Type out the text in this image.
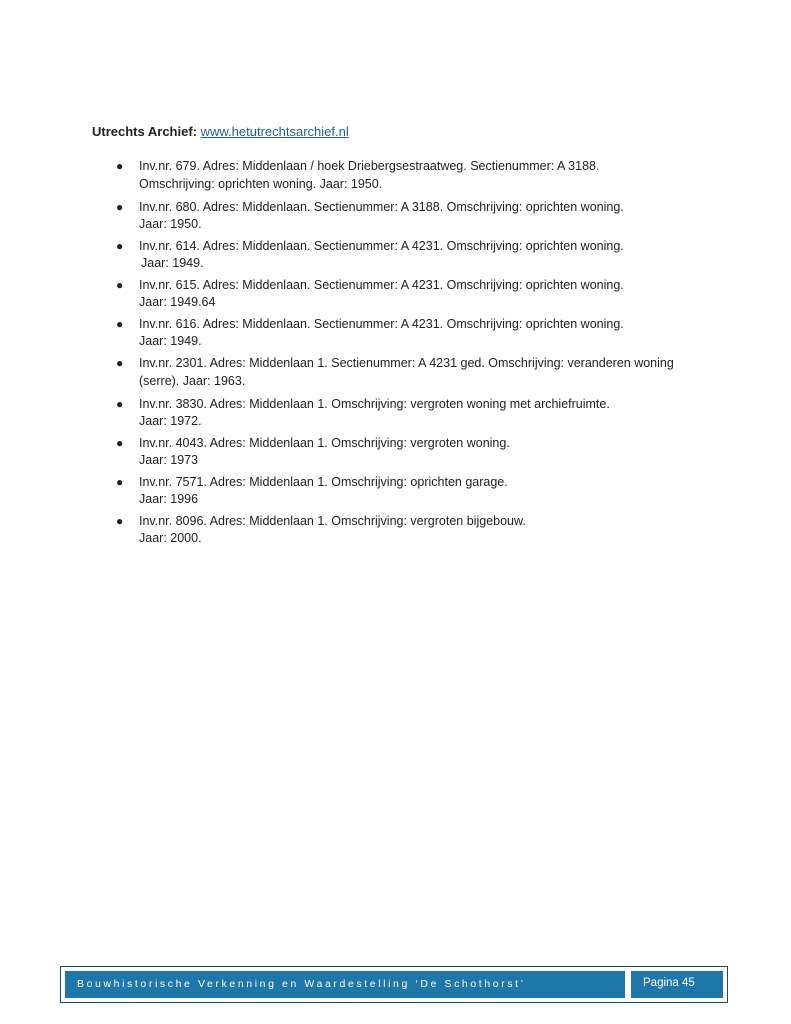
Utrechts Archief: www.hetutrechtsarchief.nl
● Inv.nr. 679. Adres: Middenlaan / hoek Driebergsestraatweg. Sectienummer: A 3188.
Omschrijving: oprichten woning. Jaar: 1950.
● Inv.nr. 680. Adres: Middenlaan. Sectienummer: A 3188. Omschrijving: oprichten woning.
Jaar: 1950.
● Inv.nr. 614. Adres: Middenlaan. Sectienummer: A 4231. Omschrijving: oprichten woning.
Jaar: 1949.
● Inv.nr. 615. Adres: Middenlaan. Sectienummer: A 4231. Omschrijving: oprichten woning.
Jaar: 1949.64
● Inv.nr. 616. Adres: Middenlaan. Sectienummer: A 4231. Omschrijving: oprichten woning.
Jaar: 1949.
● Inv.nr. 2301. Adres: Middenlaan 1. Sectienummer: A 4231 ged. Omschrijving: veranderen woning
(serre). Jaar: 1963.
● Inv.nr. 3830. Adres: Middenlaan 1. Omschrijving: vergroten woning met archiefruimte.
Jaar: 1972.
● Inv.nr. 4043. Adres: Middenlaan 1. Omschrijving: vergroten woning.
Jaar: 1973
● Inv.nr. 7571. Adres: Middenlaan 1. Omschrijving: oprichten garage.
Jaar: 1996
● Inv.nr. 8096. Adres: Middenlaan 1. Omschrijving: vergroten bijgebouw.
Jaar: 2000.
Bouwhistorische Verkenning en Waardestelling ‘De Schothorst’	Pagina 45
